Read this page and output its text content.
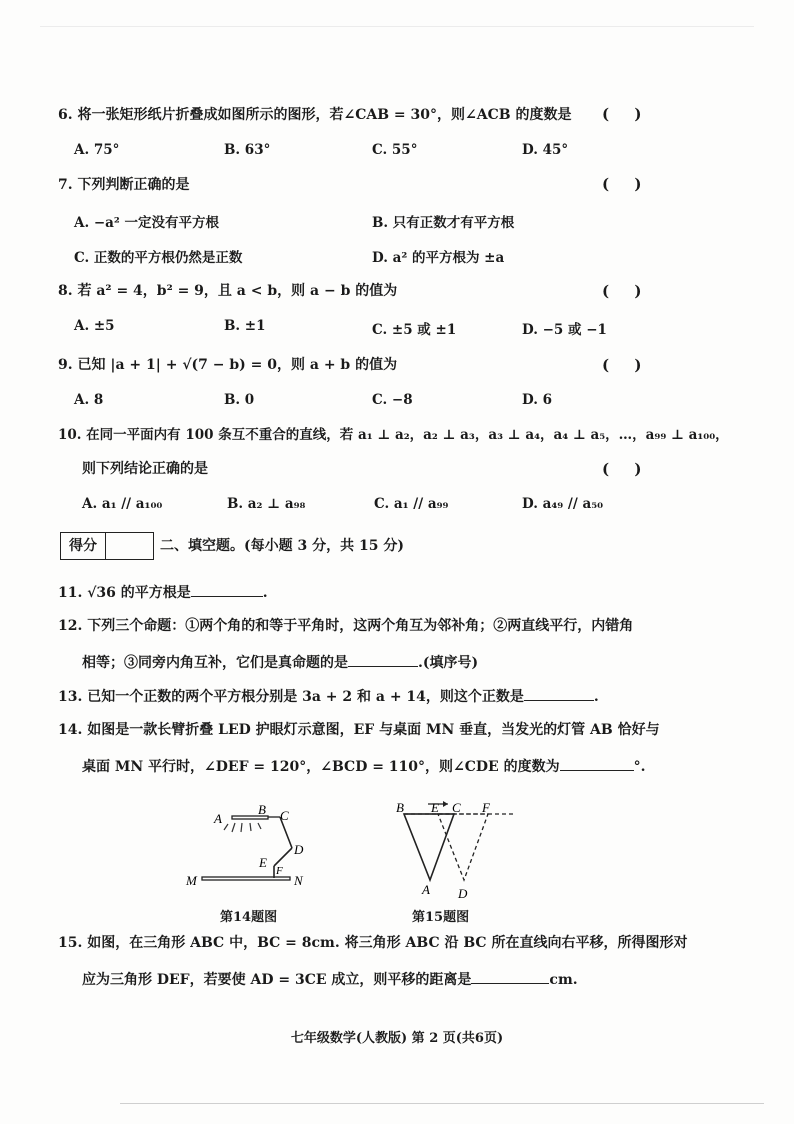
6. 将一张矩形纸片折叠成如图所示的图形，若∠CAB = 30°，则∠ACB 的度数是 ( )
A. 75°	B. 63°	C. 55°	D. 45°
7. 下列判断正确的是	( )
A. −a² 一定没有平方根	B. 只有正数才有平方根
C. 正数的平方根仍然是正数	D. a² 的平方根为 ±a
8. 若 a² = 4，b² = 9，且 a < b，则 a − b 的值为	( )
A. ±5	B. ±1	C. ±5 或 ±1	D. −5 或 −1
9. 已知 |a + 1| + √(7 − b) = 0，则 a + b 的值为	( )
A. 8	B. 0	C. −8	D. 6
10. 在同一平面内有 100 条互不重合的直线，若 a₁ ⊥ a₂，a₂ ⊥ a₃，a₃ ⊥ a₄，a₄ ⊥ a₅，…，a₉₉ ⊥ a₁₀₀，
则下列结论正确的是	( )
A. a₁ // a₁₀₀	B. a₂ ⊥ a₉₈	C. a₁ // a₉₉	D. a₄₉ // a₅₀
得分	二、填空题。(每小题 3 分，共 15 分)
11. √36 的平方根是	.
12. 下列三个命题：①两个角的和等于平角时，这两个角互为邻补角；②两直线平行，内错角
相等；③同旁内角互补，它们是真命题的是	.(填序号)
13. 已知一个正数的两个平方根分别是 3a + 2 和 a + 14，则这个正数是	.
14. 如图是一款长臂折叠 LED 护眼灯示意图，EF 与桌面 MN 垂直，当发光的灯管 AB 恰好与
桌面 MN 平行时，∠DEF = 120°，∠BCD = 110°，则∠CDE 的度数为	°.
A
B C
D
E
F
M	N
第14题图
B E C F
A D
第15题图
15. 如图，在三角形 ABC 中，BC = 8cm. 将三角形 ABC 沿 BC 所在直线向右平移，所得图形对
应为三角形 DEF，若要使 AD = 3CE 成立，则平移的距离是	cm.
七年级数学(人教版) 第 2 页(共6页)
